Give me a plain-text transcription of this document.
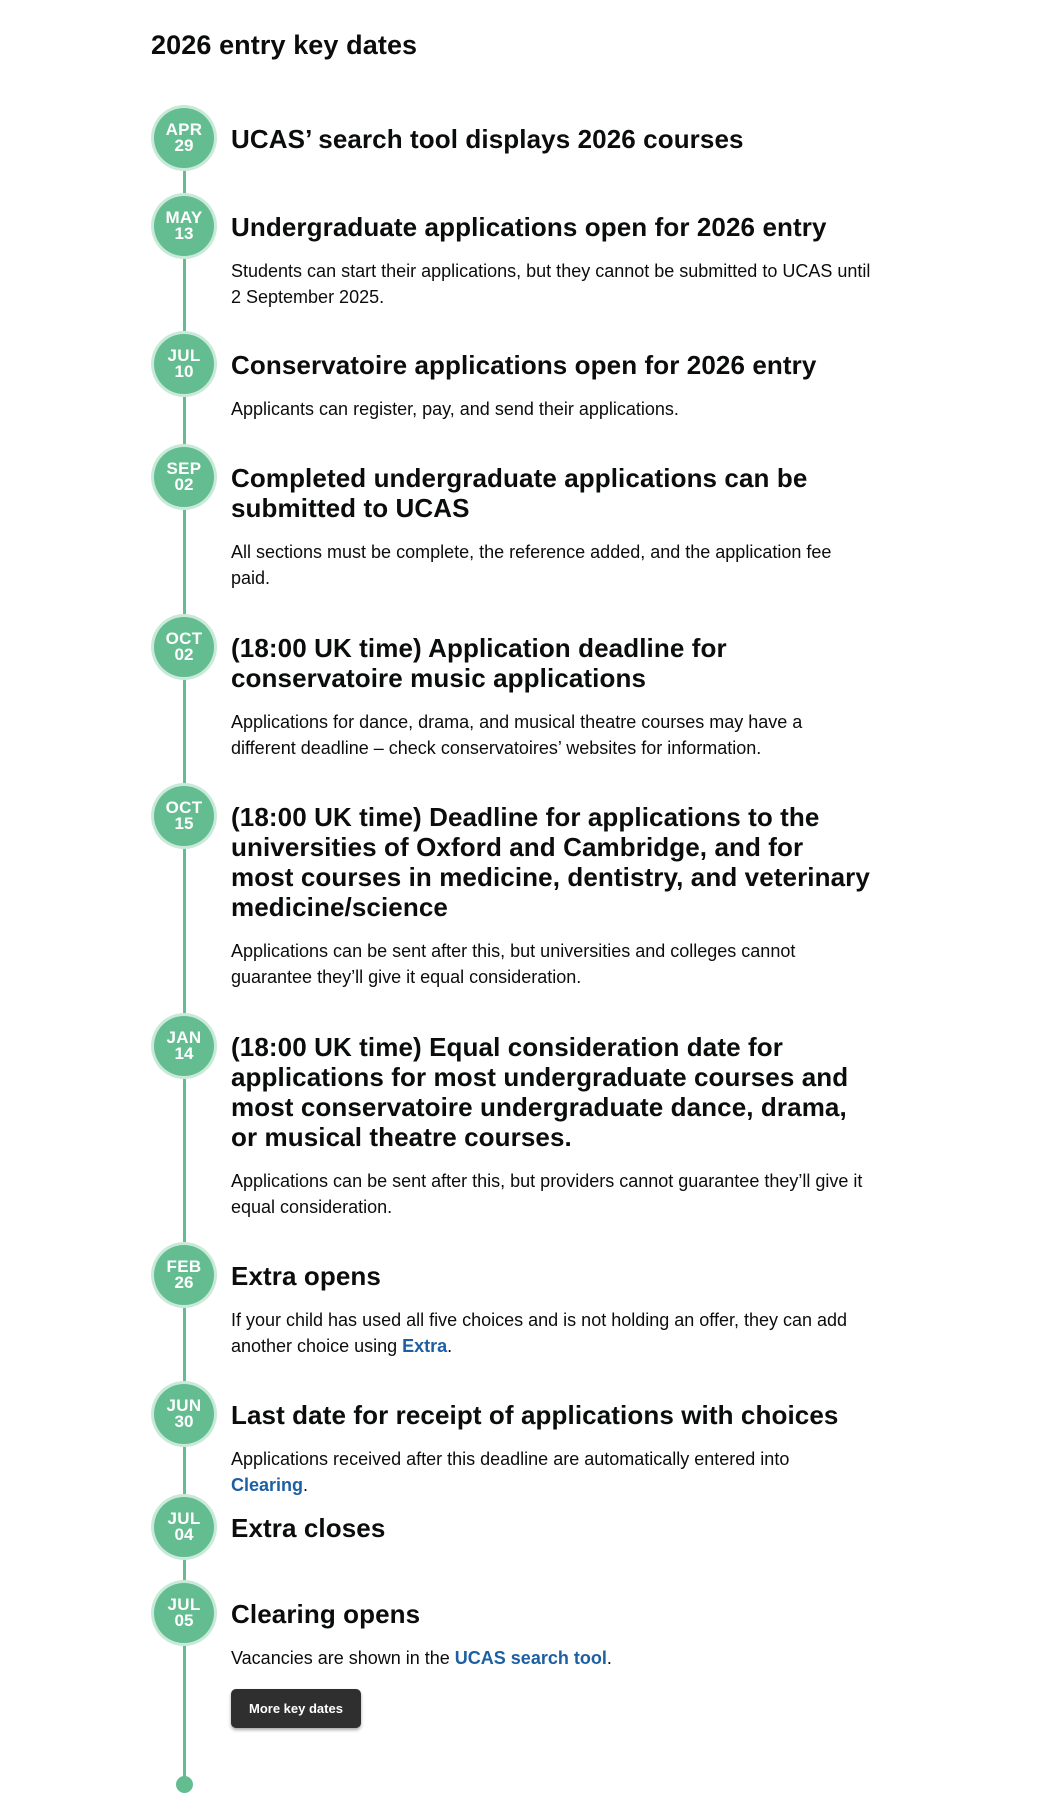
2026 entry key dates
APR
29 UCAS’ search tool displays 2026 courses
MAY
13 Undergraduate applications open for 2026 entry

Students can start their applications, but they cannot be submitted to UCAS until 2 September 2025.

JUL
10 Conservatoire applications open for 2026 entry

Applicants can register, pay, and send their applications.

SEP
02 Completed undergraduate applications can be submitted to UCAS

All sections must be complete, the reference added, and the application fee paid.

OCT
02 (18:00 UK time) Application deadline for conservatoire music applications

Applications for dance, drama, and musical theatre courses may have a different deadline – check conservatoires’ websites for information.

OCT
15 (18:00 UK time) Deadline for applications to the universities of Oxford and Cambridge, and for most courses in medicine, dentistry, and veterinary medicine/science

Applications can be sent after this, but universities and colleges cannot guarantee they’ll give it equal consideration.

JAN
14 (18:00 UK time) Equal consideration date for applications for most undergraduate courses and most conservatoire undergraduate dance, drama, or musical theatre courses.

Applications can be sent after this, but providers cannot guarantee they’ll give it equal consideration.

FEB
26 Extra opens

If your child has used all five choices and is not holding an offer, they can add another choice using Extra.

JUN
30 Last date for receipt of applications with choices

Applications received after this deadline are automatically entered into Clearing.

JUL
04 Extra closes
JUL
05 Clearing opens

Vacancies are shown in the UCAS search tool.

More key dates
